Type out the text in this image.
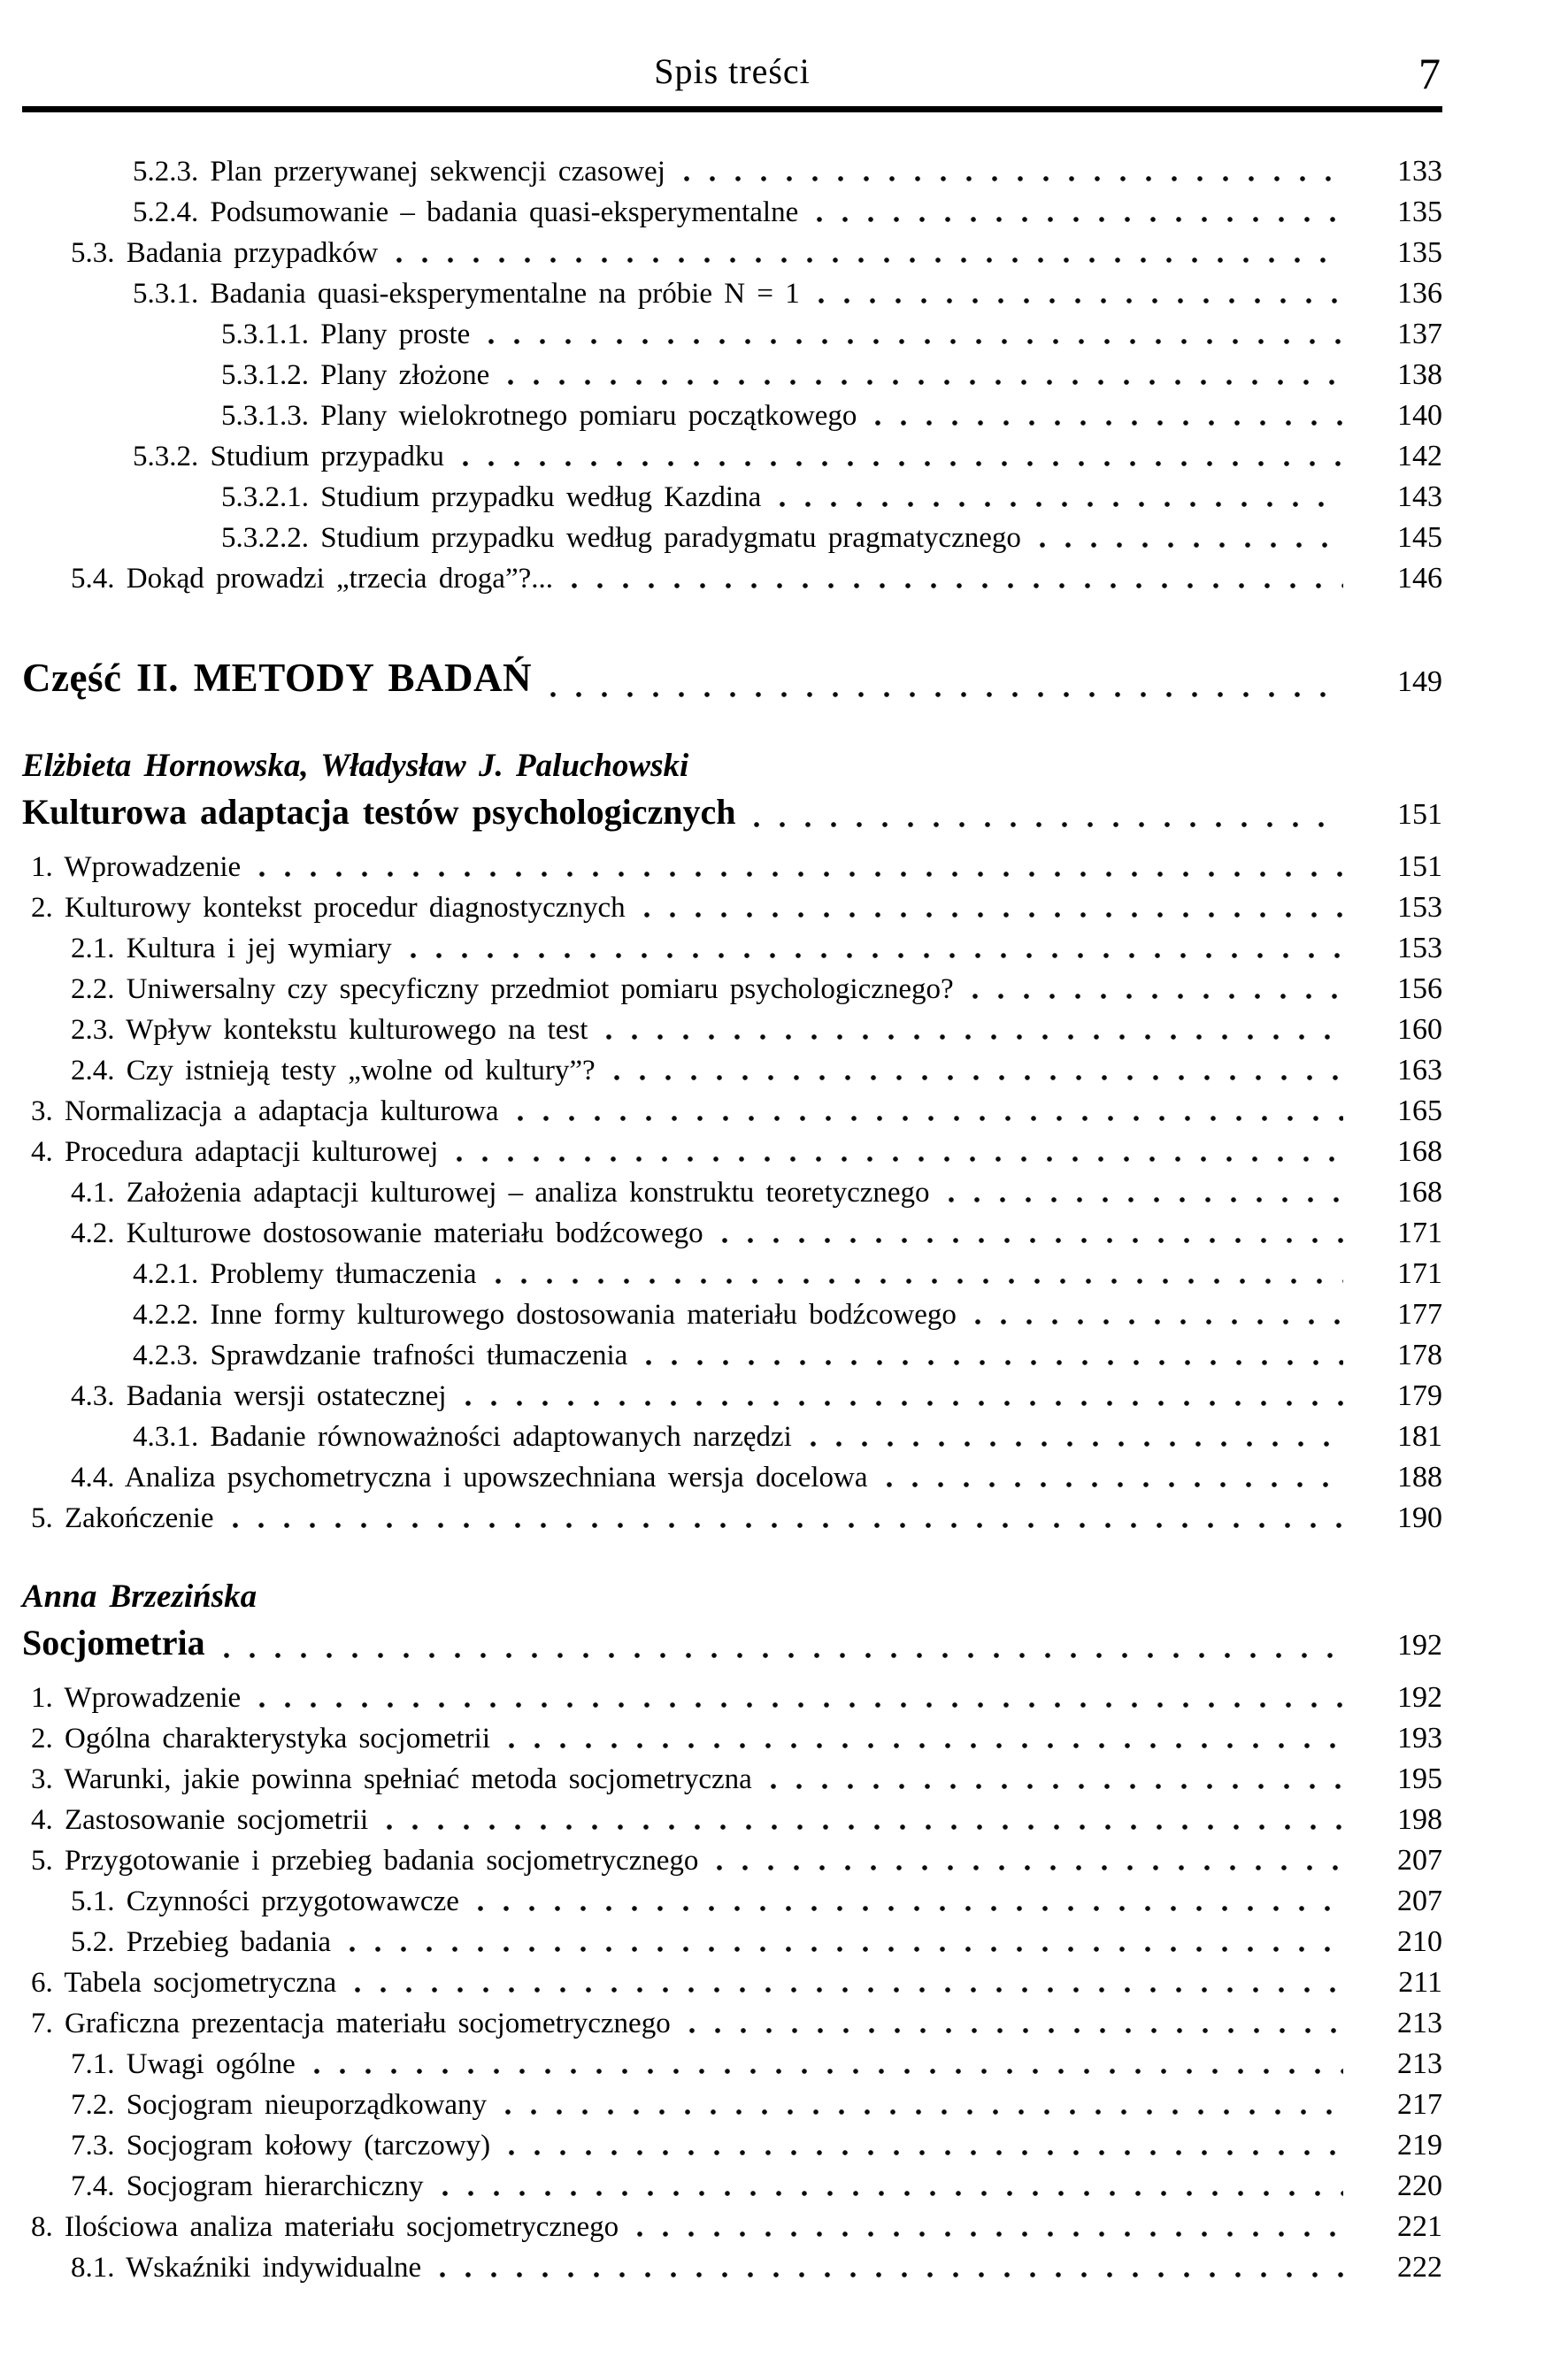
Spis treści	7
5.2.3. Plan przerywanej sekwencji czasowej	133
5.2.4. Podsumowanie – badania quasi-eksperymentalne	135
5.3. Badania przypadków	135
5.3.1. Badania quasi-eksperymentalne na próbie N = 1	136
5.3.1.1. Plany proste	137
5.3.1.2. Plany złożone	138
5.3.1.3. Plany wielokrotnego pomiaru początkowego	140
5.3.2. Studium przypadku	142
5.3.2.1. Studium przypadku według Kazdina	143
5.3.2.2. Studium przypadku według paradygmatu pragmatycznego	145
5.4. Dokąd prowadzi „trzecia droga”?...	146
Część II. METODY BADAŃ	149
Elżbieta Hornowska, Władysław J. Paluchowski
Kulturowa adaptacja testów psychologicznych	151
1. Wprowadzenie	151
2. Kulturowy kontekst procedur diagnostycznych	153
2.1. Kultura i jej wymiary	153
2.2. Uniwersalny czy specyficzny przedmiot pomiaru psychologicznego?	156
2.3. Wpływ kontekstu kulturowego na test	160
2.4. Czy istnieją testy „wolne od kultury”?	163
3. Normalizacja a adaptacja kulturowa	165
4. Procedura adaptacji kulturowej	168
4.1. Założenia adaptacji kulturowej – analiza konstruktu teoretycznego	168
4.2. Kulturowe dostosowanie materiału bodźcowego	171
4.2.1. Problemy tłumaczenia	171
4.2.2. Inne formy kulturowego dostosowania materiału bodźcowego	177
4.2.3. Sprawdzanie trafności tłumaczenia	178
4.3. Badania wersji ostatecznej	179
4.3.1. Badanie równoważności adaptowanych narzędzi	181
4.4. Analiza psychometryczna i upowszechniana wersja docelowa	188
5. Zakończenie	190
Anna Brzezińska
Socjometria	192
1. Wprowadzenie	192
2. Ogólna charakterystyka socjometrii	193
3. Warunki, jakie powinna spełniać metoda socjometryczna	195
4. Zastosowanie socjometrii	198
5. Przygotowanie i przebieg badania socjometrycznego	207
5.1. Czynności przygotowawcze	207
5.2. Przebieg badania	210
6. Tabela socjometryczna	211
7. Graficzna prezentacja materiału socjometrycznego	213
7.1. Uwagi ogólne	213
7.2. Socjogram nieuporządkowany	217
7.3. Socjogram kołowy (tarczowy)	219
7.4. Socjogram hierarchiczny	220
8. Ilościowa analiza materiału socjometrycznego	221
8.1. Wskaźniki indywidualne	222
